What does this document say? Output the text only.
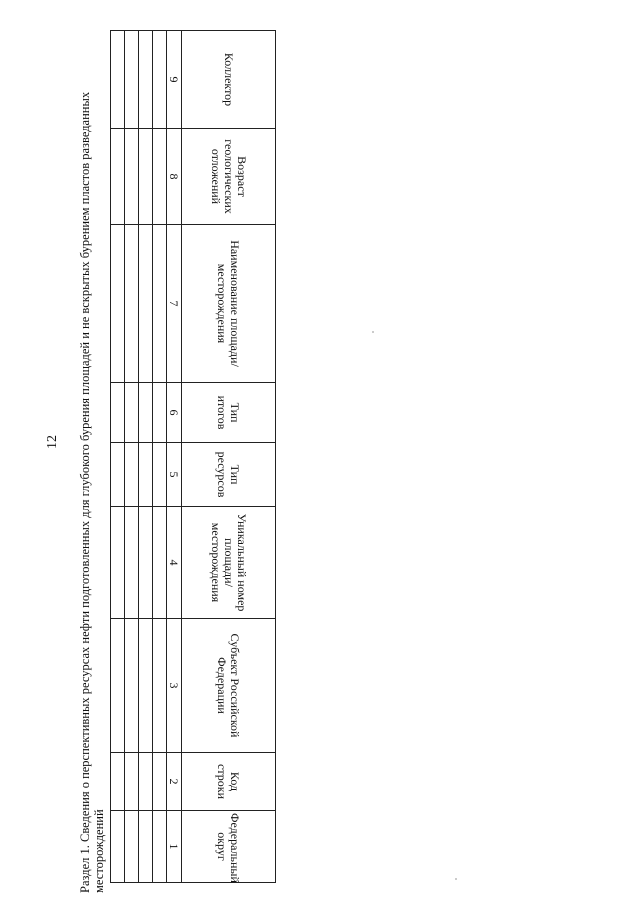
12 Раздел 1. Сведения о перспективных ресурсах нефти подготовленных для глубокого бурения площадей и не вскрытых бурением пластов разведанных месторождений
Коллектор	Возраст геологических отложений	Наименование площади/месторождения	Тип итогов	Тип ресурсов	Уникальный номер площади/ месторождения	Субъект Российской Федерации	Код строки	Федеральный округ
9	8	7	6	5	4	3	2	1
